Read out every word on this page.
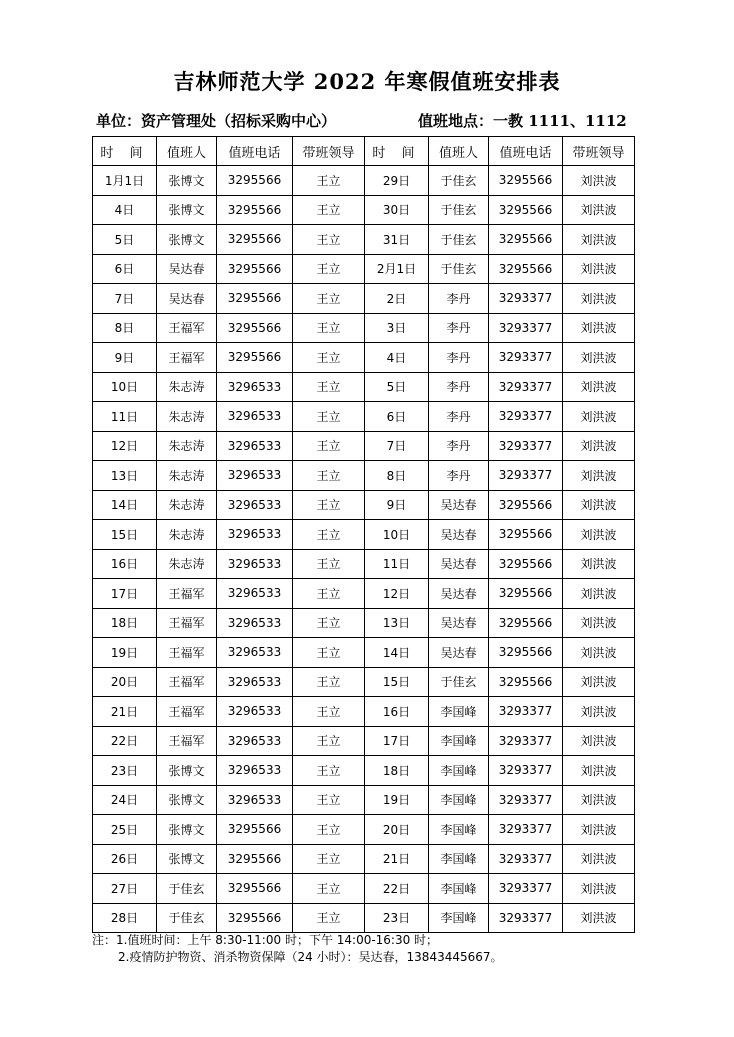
吉林师范大学 2022 年寒假值班安排表
单位：资产管理处（招标采购中心）	值班地点：一教 1111、1112
时 间	值班人	值班电话	带班领导	时 间	值班人	值班电话	带班领导
1月1日	张博文	3295566	王立	29日	于佳玄	3295566	刘洪波
4日	张博文	3295566	王立	30日	于佳玄	3295566	刘洪波
5日	张博文	3295566	王立	31日	于佳玄	3295566	刘洪波
6日	吴达春	3295566	王立	2月1日	于佳玄	3295566	刘洪波
7日	吴达春	3295566	王立	2日	李丹	3293377	刘洪波
8日	王福军	3295566	王立	3日	李丹	3293377	刘洪波
9日	王福军	3295566	王立	4日	李丹	3293377	刘洪波
10日	朱志涛	3296533	王立	5日	李丹	3293377	刘洪波
11日	朱志涛	3296533	王立	6日	李丹	3293377	刘洪波
12日	朱志涛	3296533	王立	7日	李丹	3293377	刘洪波
13日	朱志涛	3296533	王立	8日	李丹	3293377	刘洪波
14日	朱志涛	3296533	王立	9日	吴达春	3295566	刘洪波
15日	朱志涛	3296533	王立	10日	吴达春	3295566	刘洪波
16日	朱志涛	3296533	王立	11日	吴达春	3295566	刘洪波
17日	王福军	3296533	王立	12日	吴达春	3295566	刘洪波
18日	王福军	3296533	王立	13日	吴达春	3295566	刘洪波
19日	王福军	3296533	王立	14日	吴达春	3295566	刘洪波
20日	王福军	3296533	王立	15日	于佳玄	3295566	刘洪波
21日	王福军	3296533	王立	16日	李国峰	3293377	刘洪波
22日	王福军	3296533	王立	17日	李国峰	3293377	刘洪波
23日	张博文	3296533	王立	18日	李国峰	3293377	刘洪波
24日	张博文	3296533	王立	19日	李国峰	3293377	刘洪波
25日	张博文	3295566	王立	20日	李国峰	3293377	刘洪波
26日	张博文	3295566	王立	21日	李国峰	3293377	刘洪波
27日	于佳玄	3295566	王立	22日	李国峰	3293377	刘洪波
28日	于佳玄	3295566	王立	23日	李国峰	3293377	刘洪波
注：1.值班时间：上午 8:30-11:00 时；下午 14:00-16:30 时；
2.疫情防护物资、消杀物资保障（24 小时）：吴达春，13843445667。
